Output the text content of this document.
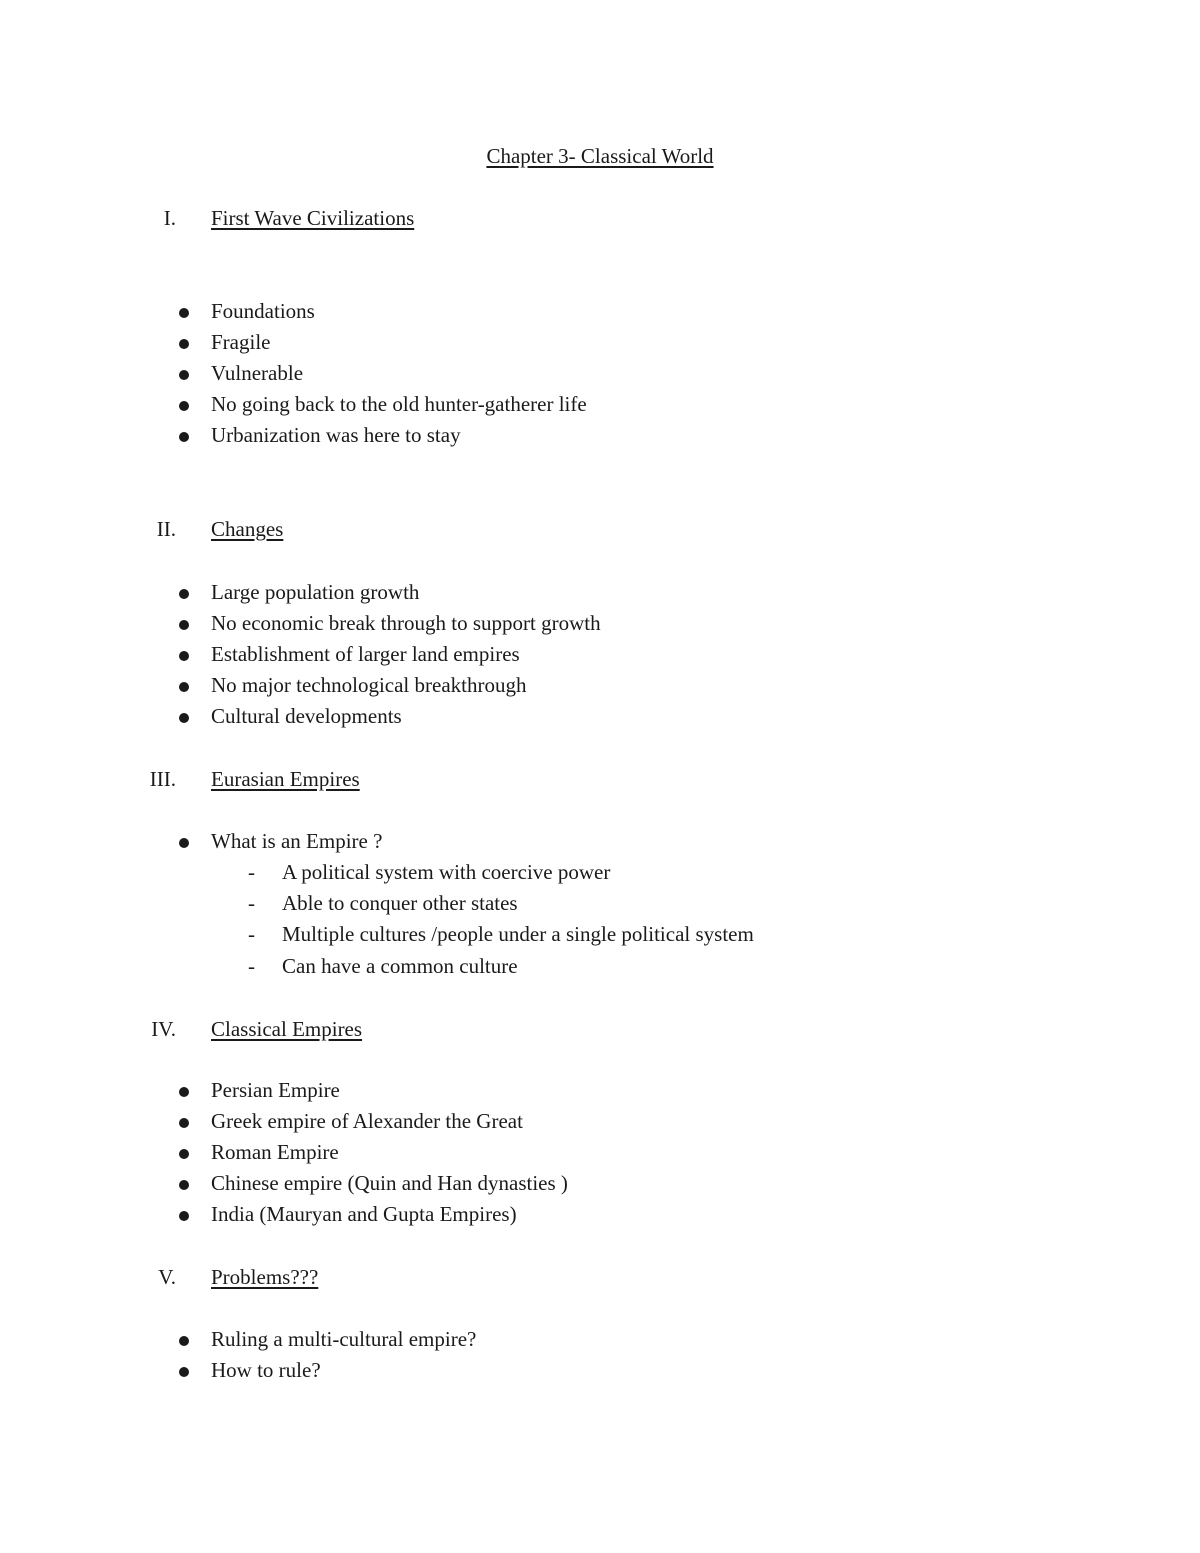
Chapter 3- Classical World
I. First Wave Civilizations
Foundations
Fragile
Vulnerable
No going back to the old hunter-gatherer life
Urbanization was here to stay
II. Changes
Large population growth
No economic break through to support growth
Establishment of larger land empires
No major technological breakthrough
Cultural developments
III. Eurasian Empires
What is an Empire ?
- A political system with coercive power
- Able to conquer other states
- Multiple cultures /people under a single political system
- Can have a common culture
IV. Classical Empires
Persian Empire
Greek empire of Alexander the Great
Roman Empire
Chinese empire (Quin and Han dynasties )
India (Mauryan and Gupta Empires)
V. Problems???
Ruling a multi-cultural empire?
How to rule?
